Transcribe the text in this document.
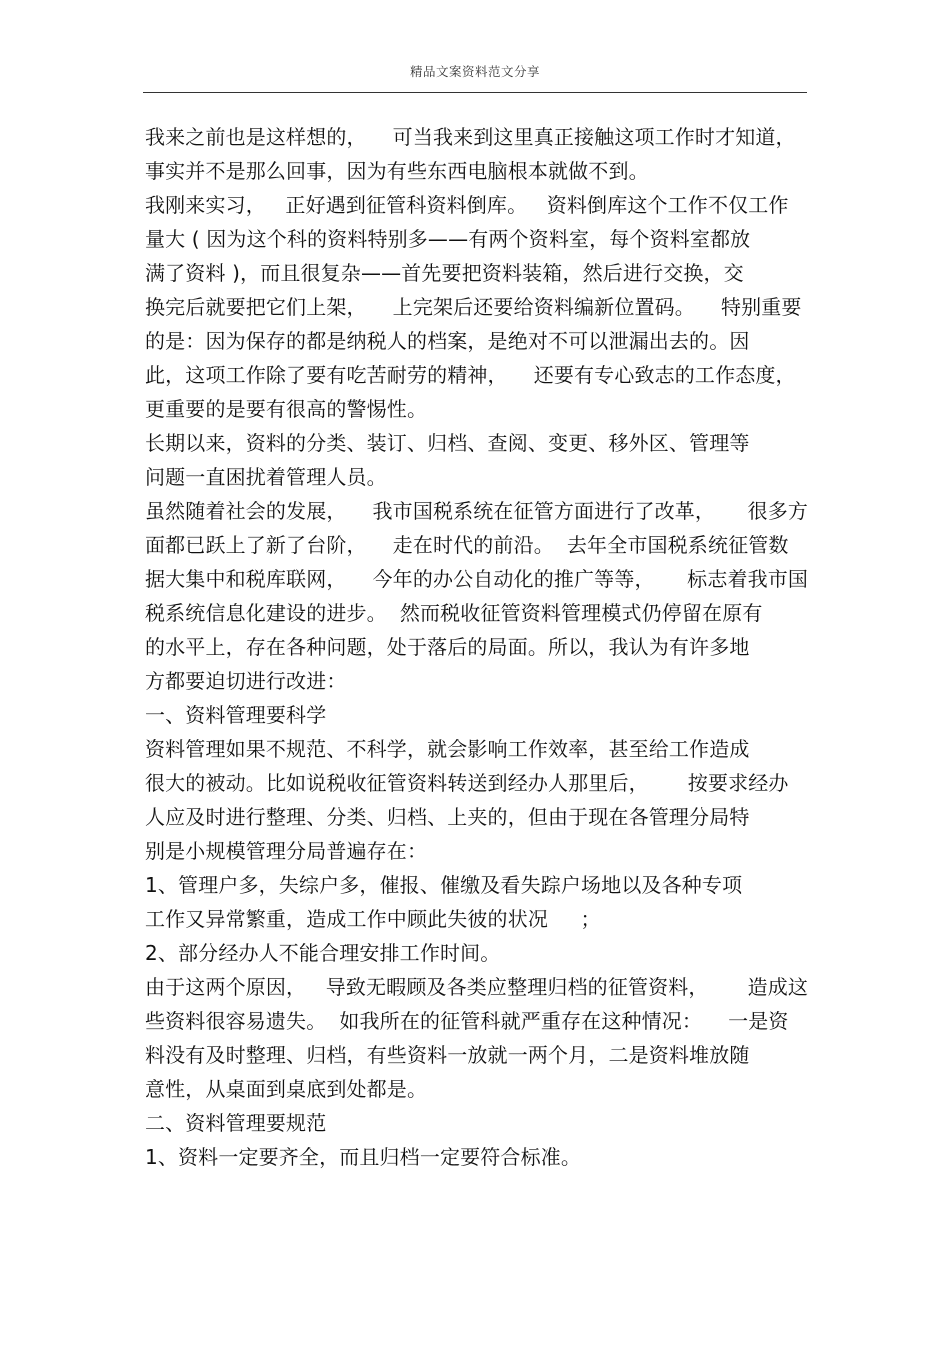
精品文案资料范文分享
我来之前也是这样想的，    可当我来到这里真正接触这项工作时才知道，
事实并不是那么回事，因为有些东西电脑根本就做不到。
我刚来实习，   正好遇到征管科资料倒库。   资料倒库这个工作不仅工作
量大 ( 因为这个科的资料特别多——有两个资料室，每个资料室都放
满了资料 )，而且很复杂——首先要把资料装箱，然后进行交换，交
换完后就要把它们上架，    上完架后还要给资料编新位置码。    特别重要
的是：因为保存的都是纳税人的档案，是绝对不可以泄漏出去的。因
此，这项工作除了要有吃苦耐劳的精神，    还要有专心致志的工作态度，
更重要的是要有很高的警惕性。
长期以来，资料的分类、装订、归档、查阅、变更、移外区、管理等
问题一直困扰着管理人员。
虽然随着社会的发展，    我市国税系统在征管方面进行了改革，     很多方
面都已跃上了新了台阶，    走在时代的前沿。  去年全市国税系统征管数
据大集中和税库联网，    今年的办公自动化的推广等等，     标志着我市国
税系统信息化建设的进步。  然而税收征管资料管理模式仍停留在原有
的水平上，存在各种问题，处于落后的局面。所以，我认为有许多地
方都要迫切进行改进：
一、资料管理要科学
资料管理如果不规范、不科学，就会影响工作效率，甚至给工作造成
很大的被动。比如说税收征管资料转送到经办人那里后，      按要求经办
人应及时进行整理、分类、归档、上夹的，但由于现在各管理分局特
别是小规模管理分局普遍存在：
1、管理户多，失综户多，催报、催缴及看失踪户场地以及各种专项
工作又异常繁重，造成工作中顾此失彼的状况     ；
2、部分经办人不能合理安排工作时间。
由于这两个原因，   导致无暇顾及各类应整理归档的征管资料，      造成这
些资料很容易遗失。  如我所在的征管科就严重存在这种情况：    一是资
料没有及时整理、归档，有些资料一放就一两个月，二是资料堆放随
意性，从桌面到桌底到处都是。
二、资料管理要规范
1、资料一定要齐全，而且归档一定要符合标准。
